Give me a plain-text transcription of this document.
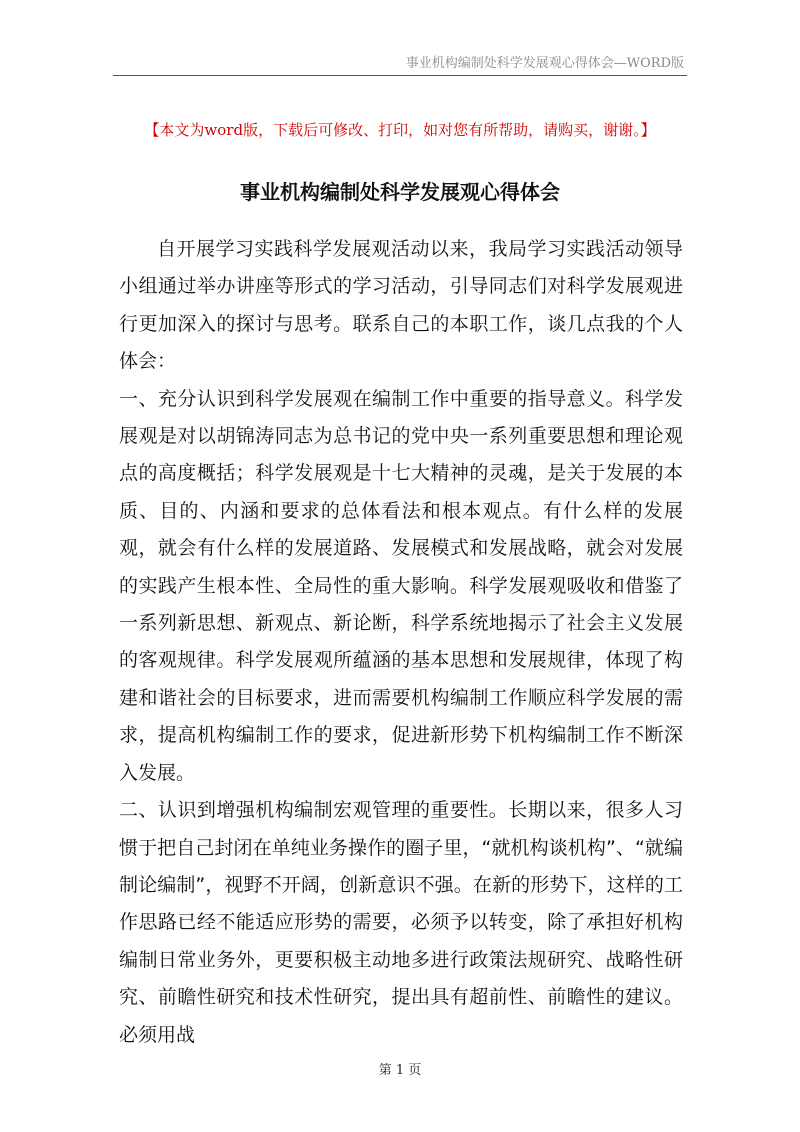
事业机构编制处科学发展观心得体会—WORD版
【本文为word版，下载后可修改、打印，如对您有所帮助，请购买，谢谢。】
事业机构编制处科学发展观心得体会

自开展学习实践科学发展观活动以来，我局学习实践活动领导小组通过举办讲座等形式的学习活动，引导同志们对科学发展观进行更加深入的探讨与思考。联系自己的本职工作，谈几点我的个人体会：

一、充分认识到科学发展观在编制工作中重要的指导意义。科学发展观是对以胡锦涛同志为总书记的党中央一系列重要思想和理论观点的高度概括；科学发展观是十七大精神的灵魂，是关于发展的本质、目的、内涵和要求的总体看法和根本观点。有什么样的发展观，就会有什么样的发展道路、发展模式和发展战略，就会对发展的实践产生根本性、全局性的重大影响。科学发展观吸收和借鉴了一系列新思想、新观点、新论断，科学系统地揭示了社会主义发展的客观规律。科学发展观所蕴涵的基本思想和发展规律，体现了构建和谐社会的目标要求，进而需要机构编制工作顺应科学发展的需求，提高机构编制工作的要求，促进新形势下机构编制工作不断深入发展。

二、认识到增强机构编制宏观管理的重要性。长期以来，很多人习惯于把自己封闭在单纯业务操作的圈子里，“就机构谈机构”、“就编制论编制”，视野不开阔，创新意识不强。在新的形势下，这样的工作思路已经不能适应形势的需要，必须予以转变，除了承担好机构编制日常业务外，更要积极主动地多进行政策法规研究、战略性研究、前瞻性研究和技术性研究，提出具有超前性、前瞻性的建议。必须用战

第 1 页
